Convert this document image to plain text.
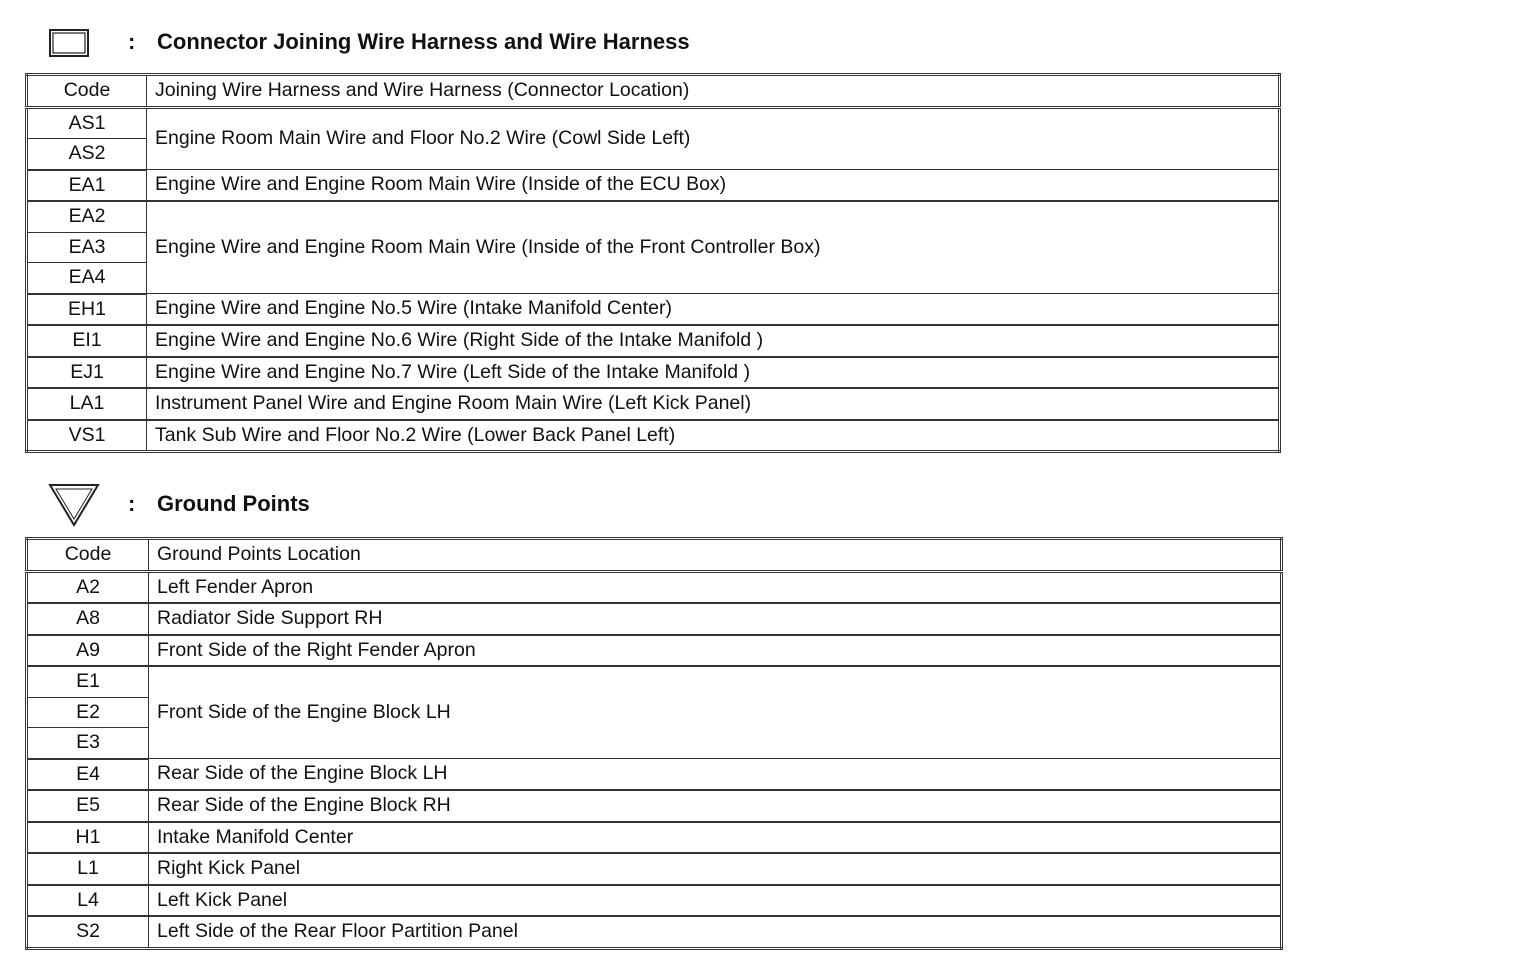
: Connector Joining Wire Harness and Wire Harness
Code	Joining Wire Harness and Wire Harness (Connector Location)
AS1	Engine Room Main Wire and Floor No.2 Wire (Cowl Side Left)
AS2	
EA1	Engine Wire and Engine Room Main Wire (Inside of the ECU Box)
EA2	Engine Wire and Engine Room Main Wire (Inside of the Front Controller Box)
EA3	
EA4	
EH1	Engine Wire and Engine No.5 Wire (Intake Manifold Center)
EI1	Engine Wire and Engine No.6 Wire (Right Side of the Intake Manifold )
EJ1	Engine Wire and Engine No.7 Wire (Left Side of the Intake Manifold )
LA1	Instrument Panel Wire and Engine Room Main Wire (Left Kick Panel)
VS1	Tank Sub Wire and Floor No.2 Wire (Lower Back Panel Left)
: Ground Points
Code	Ground Points Location
A2	Left Fender Apron
A8	Radiator Side Support RH
A9	Front Side of the Right Fender Apron
E1	Front Side of the Engine Block LH
E2	
E3	
E4	Rear Side of the Engine Block LH
E5	Rear Side of the Engine Block RH
H1	Intake Manifold Center
L1	Right Kick Panel
L4	Left Kick Panel
S2	Left Side of the Rear Floor Partition Panel
